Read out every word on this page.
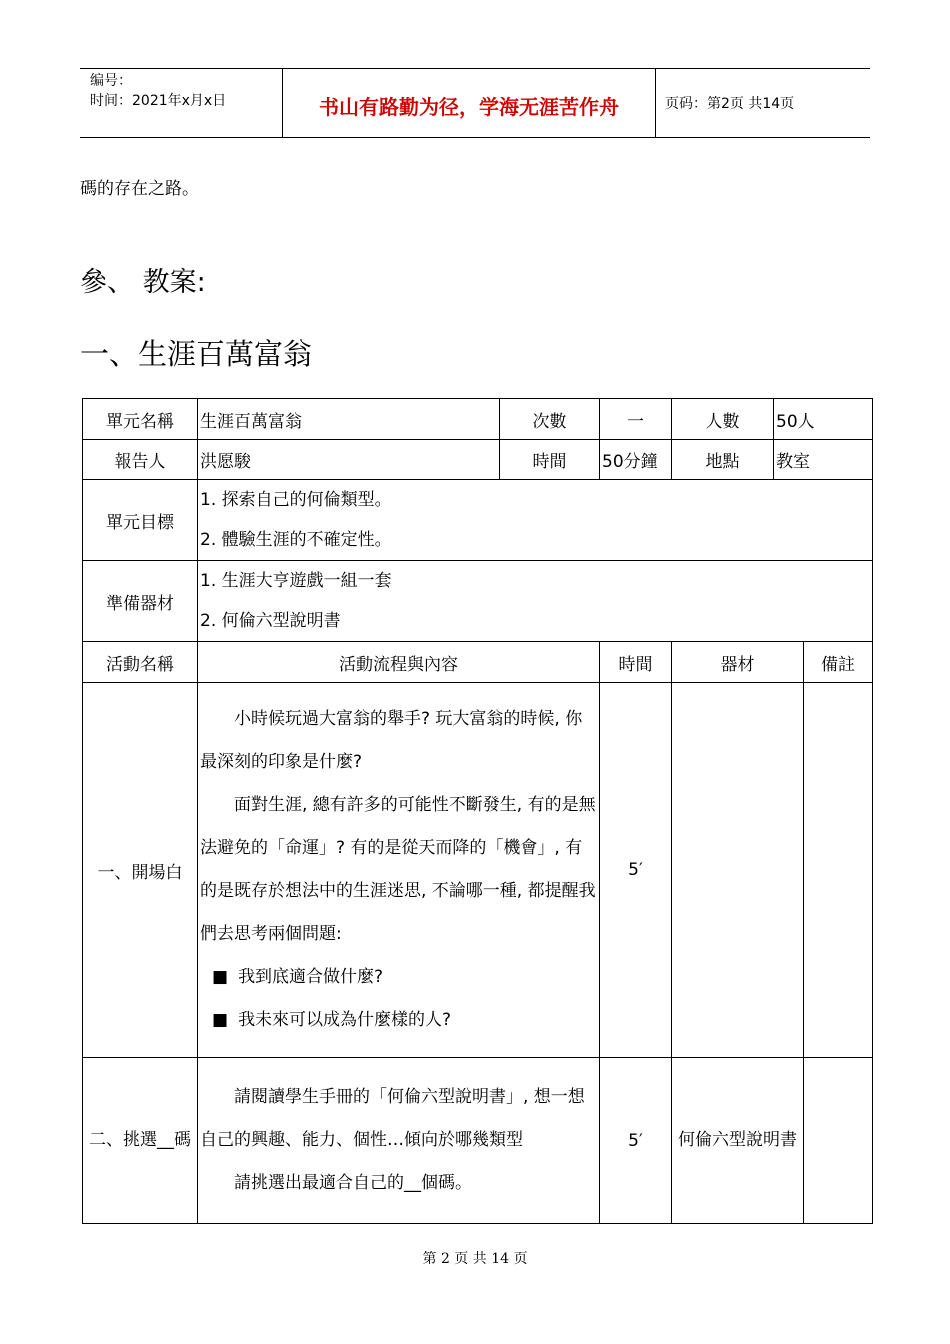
编号：
时间：2021年x月x日	书山有路勤为径，学海无涯苦作舟	页码：第2页 共14页
碼的存在之路。
參、 教案:
一、生涯百萬富翁
單元名稱	生涯百萬富翁	次數	一	人數	50人	
報告人	洪愿駿	時間	50分鐘	地點	教室	
單元目標	1. 探索自己的何倫類型。
2. 體驗生涯的不確定性。					

準備器材	1. 生涯大亨遊戲一組一套
2. 何倫六型說明書					

活動名稱	活動流程與內容		時間	器材		備註
一、開場白	小時候玩過大富翁的舉手? 玩大富翁的時候, 你最深刻的印象是什麼?
面對生涯, 總有許多的可能性不斷發生, 有的是無法避免的「命運」? 有的是從天而降的「機會」, 有的是既存於想法中的生涯迷思, 不論哪一種, 都提醒我們去思考兩個問題:
■ 我到底適合做什麼?
■ 我未來可以成為什麼樣的人?		5′			
二、挑選__碼	請閱讀學生手冊的「何倫六型說明書」, 想一想自己的興趣、能力、個性…傾向於哪幾類型
請挑選出最適合自己的__個碼。		5′	何倫六型說明書		
第 2 页 共 14 页
